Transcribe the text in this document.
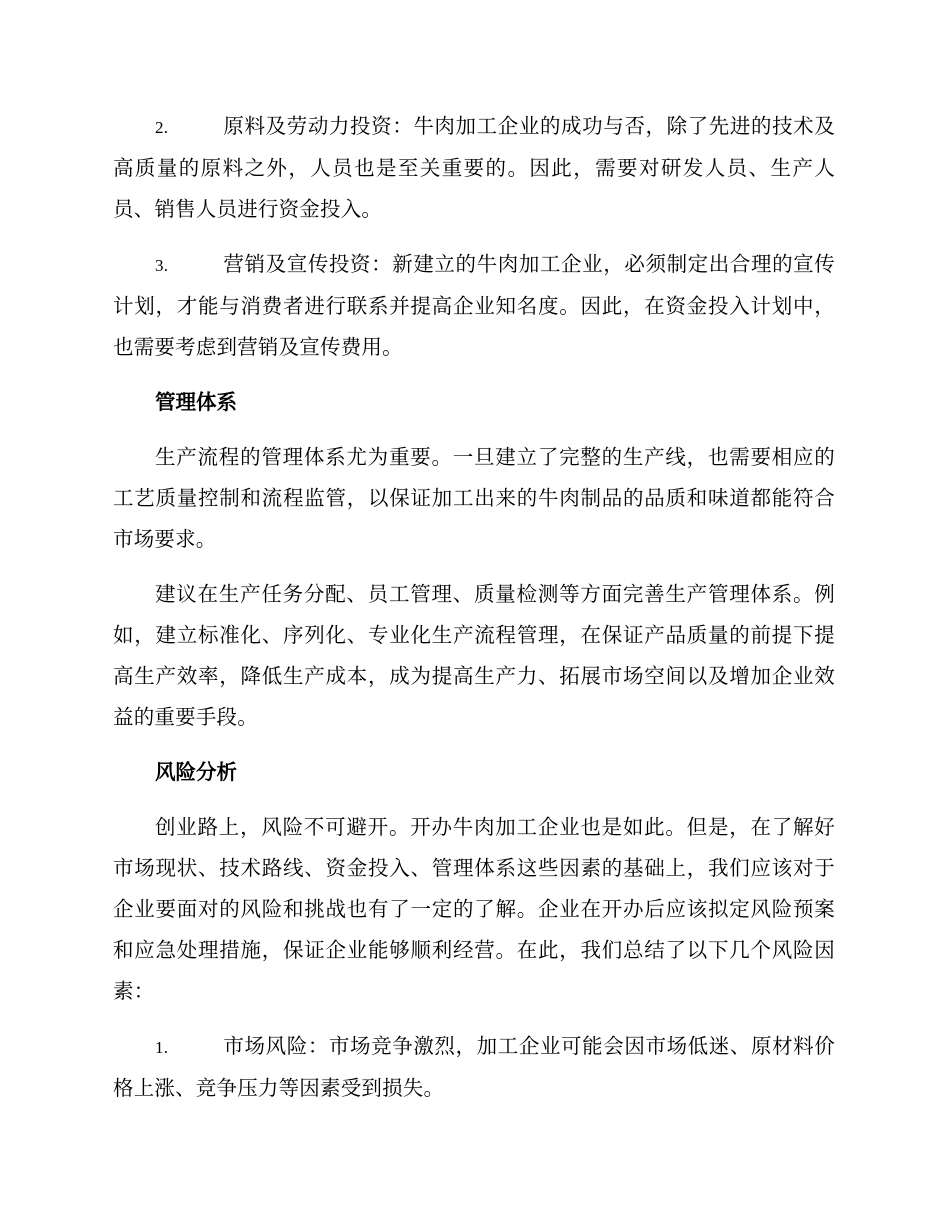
2.	原料及劳动力投资：牛肉加工企业的成功与否，除了先进的技术及高质量的原料之外，人员也是至关重要的。因此，需要对研发人员、生产人员、销售人员进行资金投入。

3.	营销及宣传投资：新建立的牛肉加工企业，必须制定出合理的宣传计划，才能与消费者进行联系并提高企业知名度。因此，在资金投入计划中，也需要考虑到营销及宣传费用。

管理体系

生产流程的管理体系尤为重要。一旦建立了完整的生产线，也需要相应的工艺质量控制和流程监管，以保证加工出来的牛肉制品的品质和味道都能符合市场要求。

建议在生产任务分配、员工管理、质量检测等方面完善生产管理体系。例如，建立标准化、序列化、专业化生产流程管理，在保证产品质量的前提下提高生产效率，降低生产成本，成为提高生产力、拓展市场空间以及增加企业效益的重要手段。

风险分析

创业路上，风险不可避开。开办牛肉加工企业也是如此。但是，在了解好市场现状、技术路线、资金投入、管理体系这些因素的基础上，我们应该对于企业要面对的风险和挑战也有了一定的了解。企业在开办后应该拟定风险预案和应急处理措施，保证企业能够顺利经营。在此，我们总结了以下几个风险因素：

1.	市场风险：市场竞争激烈，加工企业可能会因市场低迷、原材料价格上涨、竞争压力等因素受到损失。
